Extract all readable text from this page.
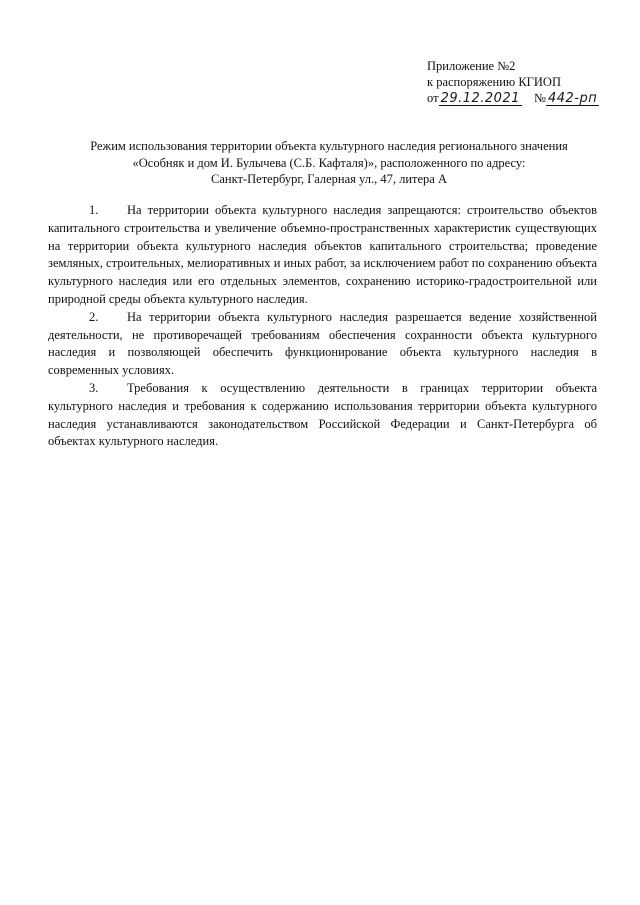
Приложение №2
к распоряжению КГИОП
от 29.12.2021 № 442-рп
Режим использования территории объекта культурного наследия регионального значения
«Особняк и дом И. Булычева (С.Б. Кафталя)», расположенного по адресу:
Санкт-Петербург, Галерная ул., 47, литера А

1. На территории объекта культурного наследия запрещаются: строительство объектов капитального строительства и увеличение объемно-пространственных характеристик существующих на территории объекта культурного наследия объектов капитального строительства; проведение земляных, строительных, мелиоративных и иных работ, за исключением работ по сохранению объекта культурного наследия или его отдельных элементов, сохранению историко-градостроительной или природной среды объекта культурного наследия.

2. На территории объекта культурного наследия разрешается ведение хозяйственной деятельности, не противоречащей требованиям обеспечения сохранности объекта культурного наследия и позволяющей обеспечить функционирование объекта культурного наследия в современных условиях.

3. Требования к осуществлению деятельности в границах территории объекта культурного наследия и требования к содержанию использования территории объекта культурного наследия устанавливаются законодательством Российской Федерации и Санкт-Петербурга об объектах культурного наследия.
